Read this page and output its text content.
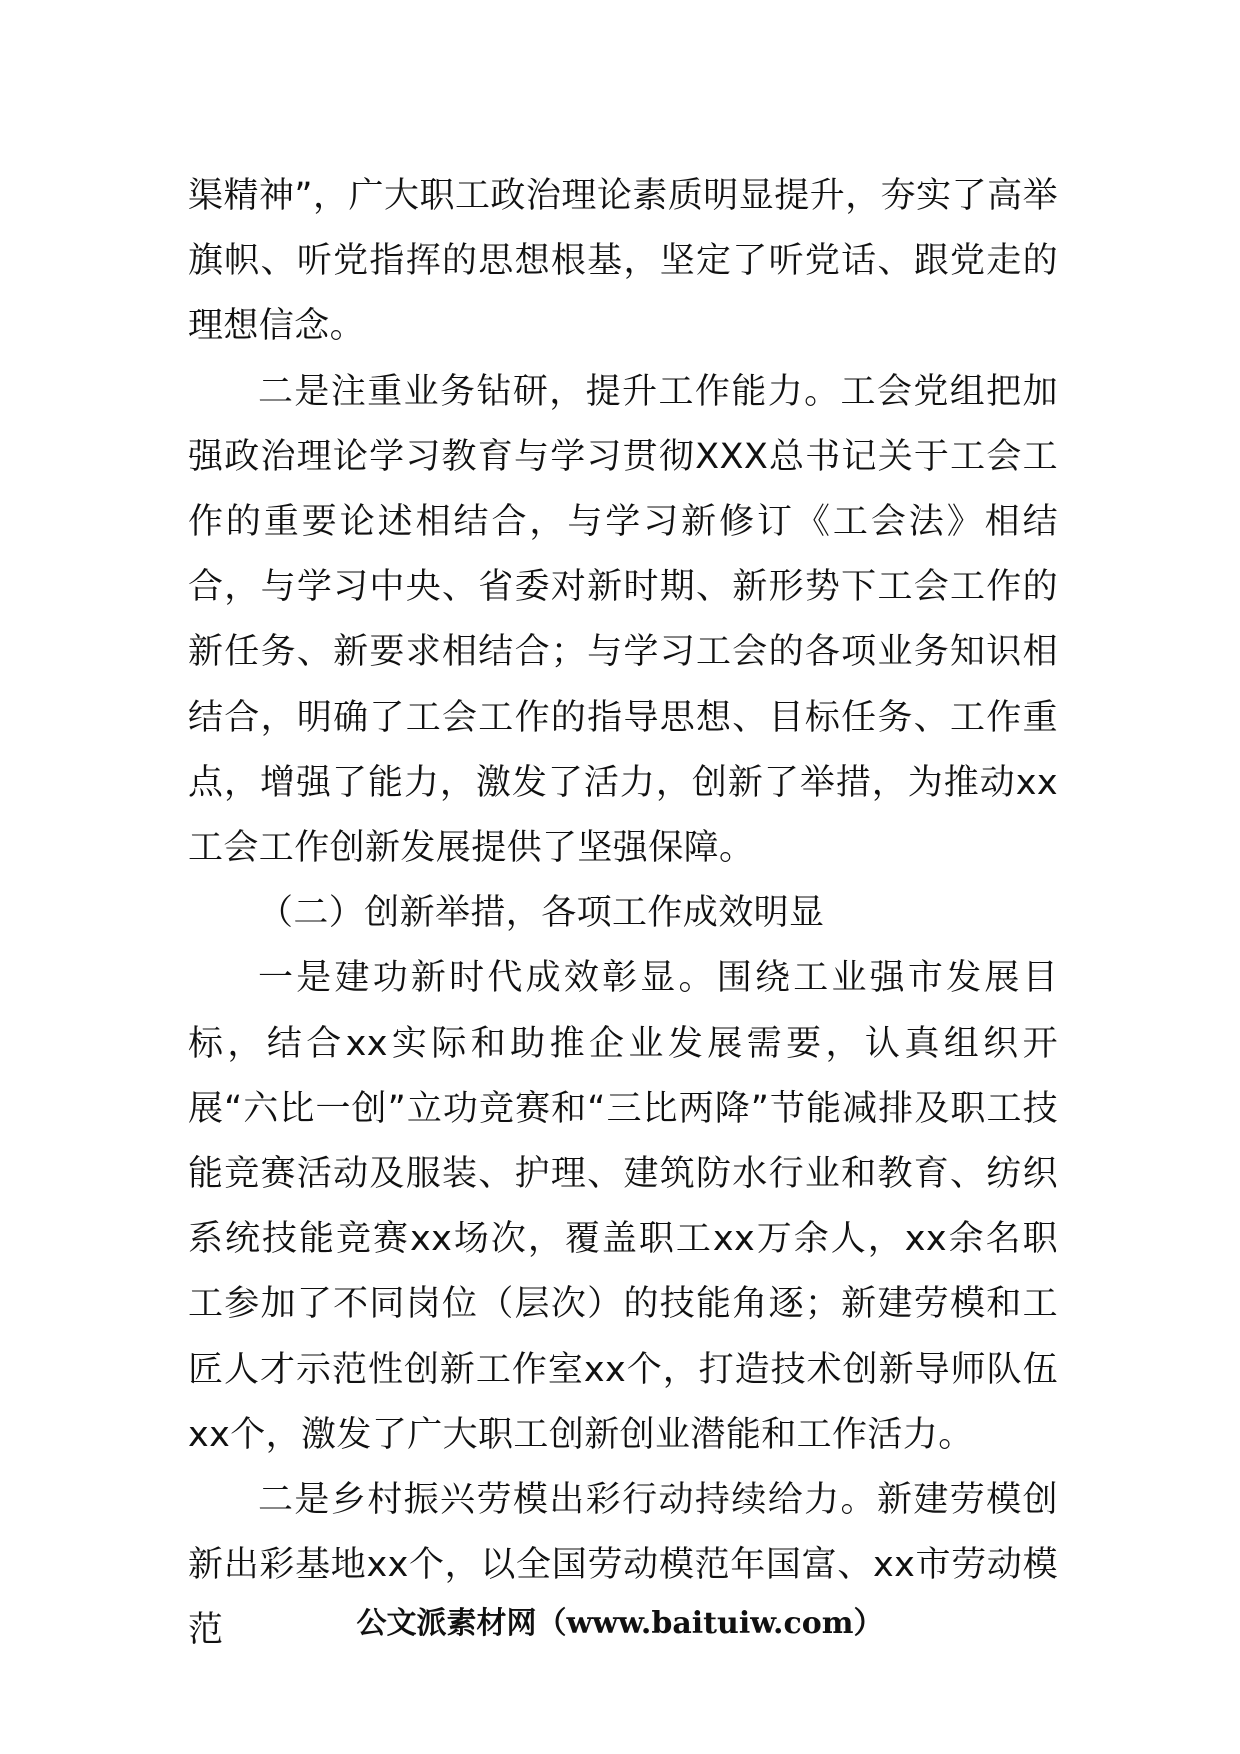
渠精神”，广大职工政治理论素质明显提升，夯实了高举旗帜、听党指挥的思想根基，坚定了听党话、跟党走的理想信念。

二是注重业务钻研，提升工作能力。工会党组把加强政治理论学习教育与学习贯彻XXX总书记关于工会工作的重要论述相结合，与学习新修订《工会法》相结合，与学习中央、省委对新时期、新形势下工会工作的新任务、新要求相结合；与学习工会的各项业务知识相结合，明确了工会工作的指导思想、目标任务、工作重点，增强了能力，激发了活力，创新了举措，为推动xx工会工作创新发展提供了坚强保障。

（二）创新举措，各项工作成效明显

一是建功新时代成效彰显。围绕工业强市发展目标，结合xx实际和助推企业发展需要，认真组织开展“六比一创”立功竞赛和“三比两降”节能减排及职工技能竞赛活动及服装、护理、建筑防水行业和教育、纺织系统技能竞赛xx场次，覆盖职工xx万余人，xx余名职工参加了不同岗位（层次）的技能角逐；新建劳模和工匠人才示范性创新工作室xx个，打造技术创新导师队伍xx个，激发了广大职工创新创业潜能和工作活力。

二是乡村振兴劳模出彩行动持续给力。新建劳模创新出彩基地xx个，以全国劳动模范年国富、xx市劳动模范	公文派素材网（www.baituiw.com）
